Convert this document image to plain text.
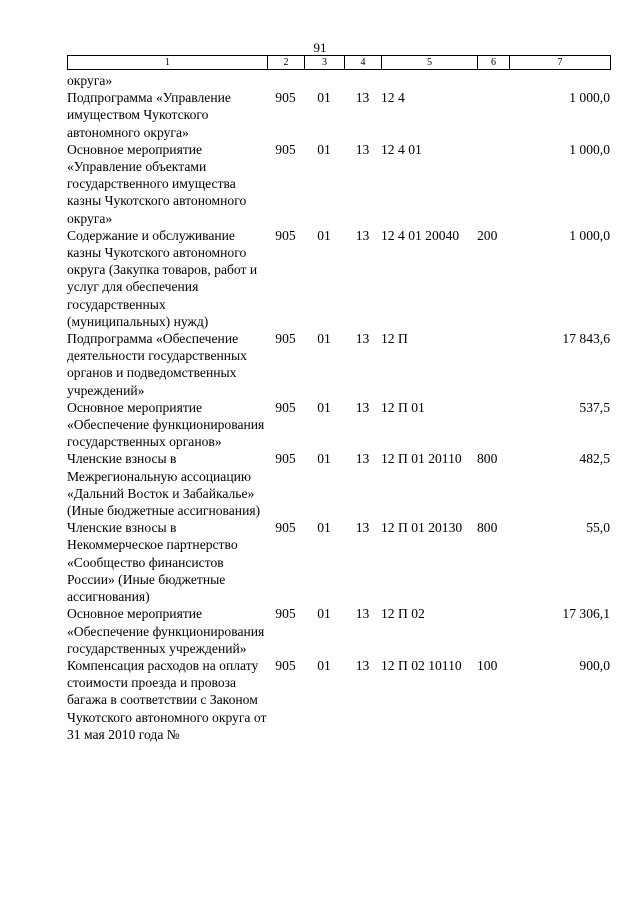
91
1	2	3	4	5	6	7
округа»						
Подпрограмма «Управление имуществом Чукотского автономного округа»	905	01	13	12 4		1 000,0
Основное мероприятие «Управление объектами государственного имущества казны Чукотского автономного округа»	905	01	13	12 4 01		1 000,0
Содержание и обслуживание казны Чукотского автономного округа (Закупка товаров, работ и услуг для обеспечения государственных (муниципальных) нужд)	905	01	13	12 4 01 20040	200	1 000,0
Подпрограмма «Обеспечение деятельности государственных органов и подведомственных учреждений»	905	01	13	12 П		17 843,6
Основное мероприятие «Обеспечение функционирования государственных органов»	905	01	13	12 П 01		537,5
Членские взносы в Межрегиональную ассоциацию «Дальний Восток и Забайкалье» (Иные бюджетные ассигнования)	905	01	13	12 П 01 20110	800	482,5
Членские взносы в Некоммерческое партнерство «Сообщество финансистов России» (Иные бюджетные ассигнования)	905	01	13	12 П 01 20130	800	55,0
Основное мероприятие «Обеспечение функционирования государственных учреждений»	905	01	13	12 П 02		17 306,1
Компенсация расходов на оплату стоимости проезда и провоза багажа в соответствии с Законом Чукотского автономного округа от 31 мая 2010 года №	905	01	13	12 П 02 10110	100	900,0
